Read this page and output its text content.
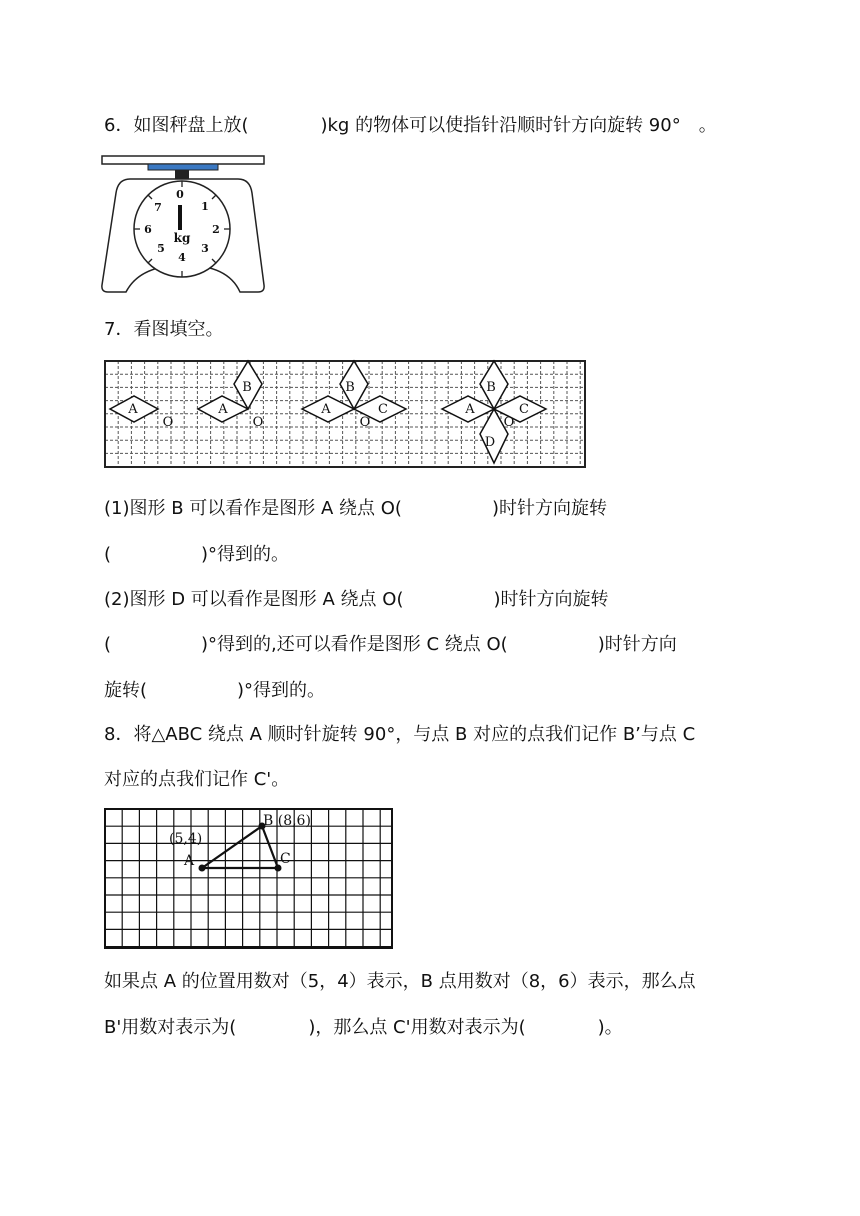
6．如图秤盘上放(　　　　)kg 的物体可以使指针沿顺时针方向旋转 90°　。
0
1
2
3
4
5
6
7
kg
7．看图填空。
A
O
A
B
O
A
B
O
C	A
B
O
C
D
(1)图形 B 可以看作是图形 A 绕点 O(　　　　　)时针方向旋转
(　　　　　)°得到的。
(2)图形 D 可以看作是图形 A 绕点 O(　　　　　)时针方向旋转
(　　　　　)°得到的,还可以看作是图形 C 绕点 O(　　　　　)时针方向
旋转(　　　　　)°得到的。
8．将△ABC 绕点 A 顺时针旋转 90°，与点 B 对应的点我们记作 B’与点 C
对应的点我们记作 C'。
(5,4)
A
B (8,6)
C
如果点 A 的位置用数对（5，4）表示，B 点用数对（8，6）表示，那么点
B'用数对表示为(　　　　)，那么点 C'用数对表示为(　　　　)。
